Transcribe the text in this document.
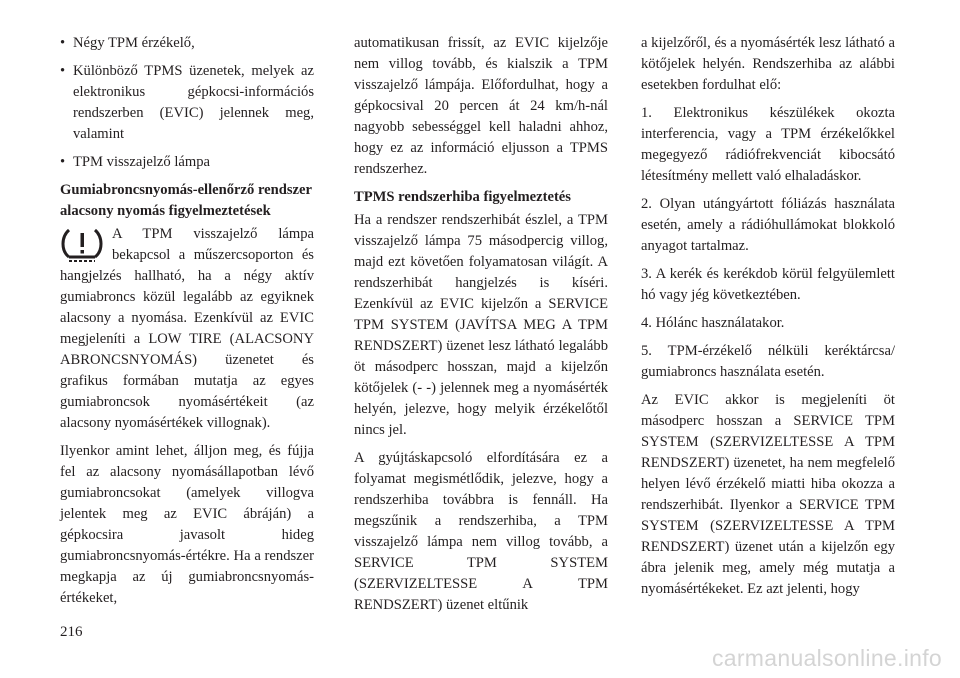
• Négy TPM érzékelő,
• Különböző TPMS üzenetek, melyek az elektronikus gépkocsi-információs rendszerben (EVIC) jelennek meg, valamint
• TPM visszajelző lámpa
Gumiabroncsnyomás-ellenőrző rendszer alacsony nyomás figyelmeztetések
A TPM visszajelző lámpa bekapcsol a műszercsoporton és hangjelzés hallható, ha a négy aktív gumiabroncs közül legalább az egyiknek alacsony a nyomása. Ezenkívül az EVIC megjeleníti a LOW TIRE (ALACSONY ABRONCSNYOMÁS) üzenetet és grafikus formában mutatja az egyes gumiabroncsok nyomásértékeit (az alacsony nyomásértékek villognak).

Ilyenkor amint lehet, álljon meg, és fújja fel az alacsony nyomásállapotban lévő gumiabroncsokat (amelyek villogva jelentek meg az EVIC ábráján) a gépkocsira javasolt hideg gumiabroncsnyomás-értékre. Ha a rendszer megkapja az új gumiabroncsnyomás-értékeket,

automatikusan frissít, az EVIC kijelzője nem villog tovább, és kialszik a TPM visszajelző lámpája. Előfordulhat, hogy a gépkocsival 20 percen át 24 km/h-nál nagyobb sebességgel kell haladni ahhoz, hogy ez az információ eljusson a TPMS rendszerhez.

TPMS rendszerhiba figyelmeztetés

Ha a rendszer rendszerhibát észlel, a TPM visszajelző lámpa 75 másodpercig villog, majd ezt követően folyamatosan világít. A rendszerhibát hangjelzés is kíséri. Ezenkívül az EVIC kijelzőn a SERVICE TPM SYSTEM (JAVÍTSA MEG A TPM RENDSZERT) üzenet lesz látható legalább öt másodperc hosszan, majd a kijelzőn kötőjelek (- -) jelennek meg a nyomásérték helyén, jelezve, hogy melyik érzékelőtől nincs jel.

A gyújtáskapcsoló elfordítására ez a folyamat megismétlődik, jelezve, hogy a rendszerhiba továbbra is fennáll. Ha megszűnik a rendszerhiba, a TPM visszajelző lámpa nem villog tovább, a SERVICE TPM SYSTEM (SZERVIZELTESSE A TPM RENDSZERT) üzenet eltűnik

a kijelzőről, és a nyomásérték lesz látható a kötőjelek helyén. Rendszerhiba az alábbi esetekben fordulhat elő:

1. Elektronikus készülékek okozta interferencia, vagy a TPM érzékelőkkel megegyező rádiófrekvenciát kibocsátó létesítmény mellett való elhaladáskor.

2. Olyan utángyártott fóliázás használata esetén, amely a rádióhullámokat blokkoló anyagot tartalmaz.

3. A kerék és kerékdob körül felgyülemlett hó vagy jég következtében.

4. Hólánc használatakor.

5. TPM-érzékelő nélküli keréktárcsa/ gumiabroncs használata esetén.

Az EVIC akkor is megjeleníti öt másodperc hosszan a SERVICE TPM SYSTEM (SZERVIZELTESSE A TPM RENDSZERT) üzenetet, ha nem megfelelő helyen lévő érzékelő miatti hiba okozza a rendszerhibát. Ilyenkor a SERVICE TPM SYSTEM (SZERVIZELTESSE A TPM RENDSZERT) üzenet után a kijelzőn egy ábra jelenik meg, amely még mutatja a nyomásértékeket. Ez azt jelenti, hogy

216
carmanualsonline.info
